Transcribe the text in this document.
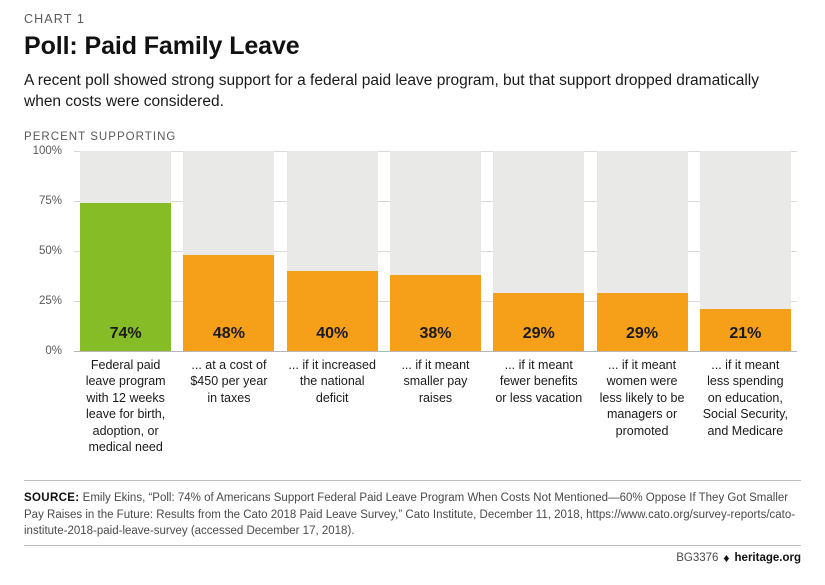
CHART 1
Poll: Paid Family Leave

A recent poll showed strong support for a federal paid leave program, but that support dropped dramatically when costs were considered.

PERCENT SUPPORTING
100%
75%
50%
25%
0%
74%	48%	40%	38%	29%	29%	21%
Federal paid leave program with 12 weeks leave for birth, adoption, or medical need
... at a cost of $450 per year in taxes
... if it increased the national deficit
... if it meant smaller pay raises
... if it meant fewer benefits or less vacation
... if it meant women were less likely to be managers or promoted
... if it meant less spending on education, Social Security, and Medicare
SOURCE: Emily Ekins, “Poll: 74% of Americans Support Federal Paid Leave Program When Costs Not Mentioned—60% Oppose If They Got Smaller Pay Raises in the Future: Results from the Cato 2018 Paid Leave Survey,” Cato Institute, December 11, 2018, https://www.cato.org/survey-reports/cato-institute-2018-paid-leave-survey (accessed December 17, 2018).
BG3376 ♦ heritage.org
